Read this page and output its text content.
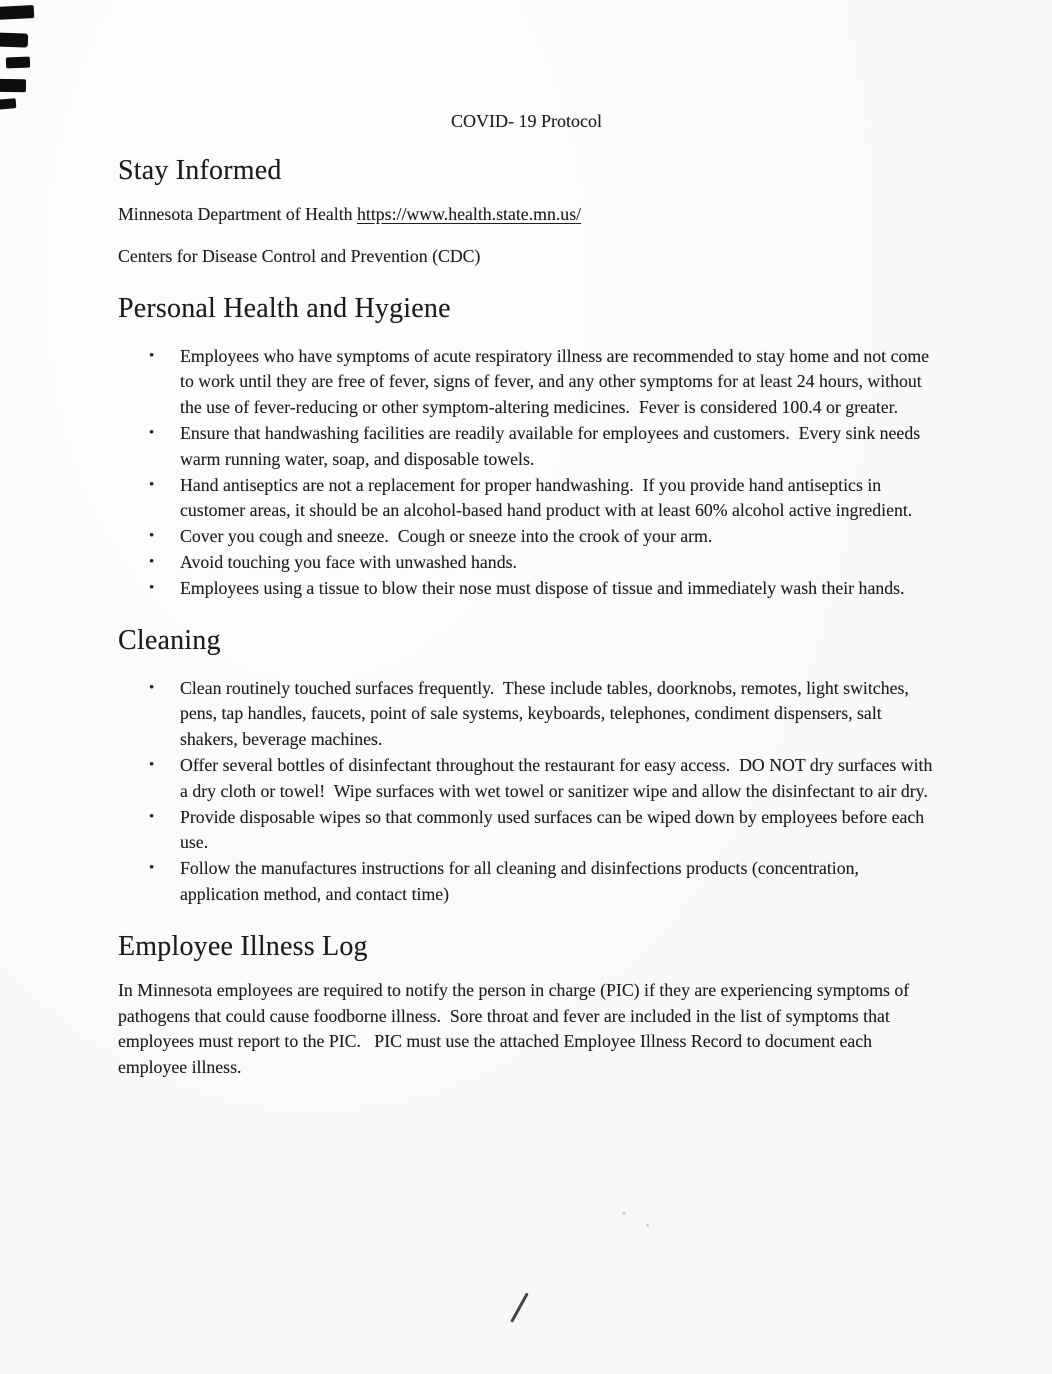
COVID- 19 Protocol

Stay Informed

Minnesota Department of Health https://www.health.state.mn.us/

Centers for Disease Control and Prevention (CDC)

Personal Health and Hygiene
•	Employees who have symptoms of acute respiratory illness are recommended to stay home and not come to work until they are free of fever, signs of fever, and any other symptoms for at least 24 hours, without the use of fever-reducing or other symptom-altering medicines.  Fever is considered 100.4 or greater.
•	Ensure that handwashing facilities are readily available for employees and customers.  Every sink needs warm running water, soap, and disposable towels.
•	Hand antiseptics are not a replacement for proper handwashing.  If you provide hand antiseptics in customer areas, it should be an alcohol-based hand product with at least 60% alcohol active ingredient.
•	Cover you cough and sneeze.  Cough or sneeze into the crook of your arm.
•	Avoid touching you face with unwashed hands.
•	Employees using a tissue to blow their nose must dispose of tissue and immediately wash their hands.
Cleaning
•	Clean routinely touched surfaces frequently.  These include tables, doorknobs, remotes, light switches, pens, tap handles, faucets, point of sale systems, keyboards, telephones, condiment dispensers, salt shakers, beverage machines.
•	Offer several bottles of disinfectant throughout the restaurant for easy access.  DO NOT dry surfaces with a dry cloth or towel!  Wipe surfaces with wet towel or sanitizer wipe and allow the disinfectant to air dry.
•	Provide disposable wipes so that commonly used surfaces can be wiped down by employees before each use.
•	Follow the manufactures instructions for all cleaning and disinfections products (concentration, application method, and contact time)
Employee Illness Log

In Minnesota employees are required to notify the person in charge (PIC) if they are experiencing symptoms of pathogens that could cause foodborne illness.  Sore throat and fever are included in the list of symptoms that employees must report to the PIC.   PIC must use the attached Employee Illness Record to document each employee illness.
